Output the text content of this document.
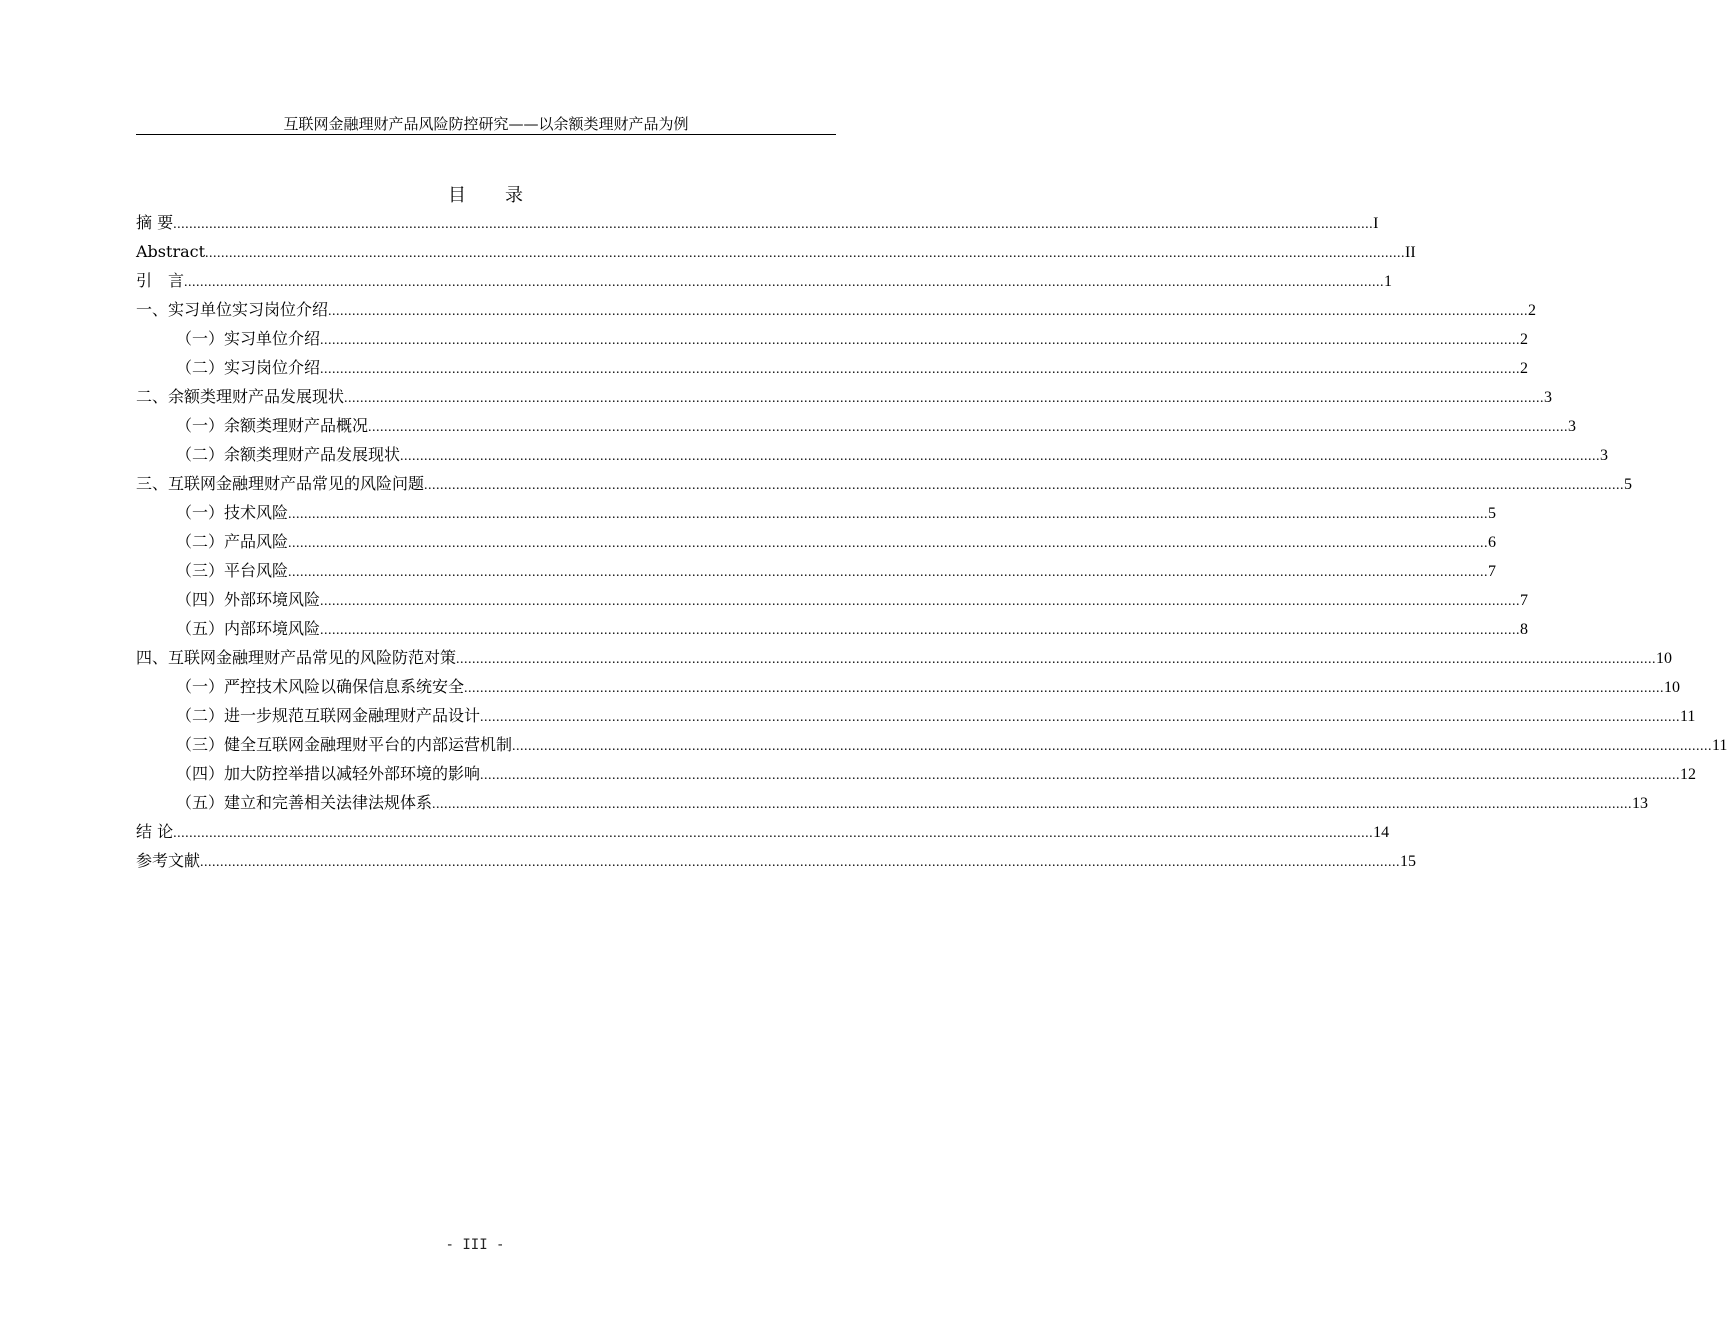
互联网金融理财产品风险防控研究——以余额类理财产品为例
目　　录
摘 要 ............................................................................................................................................................................................................................................................................................................ I
Abstract ............................................................................................................................................................................................................................................................................................................ II
引　言 ............................................................................................................................................................................................................................................................................................................ 1
一、实习单位实习岗位介绍 ............................................................................................................................................................................................................................................................................................................ 2
（一）实习单位介绍 ............................................................................................................................................................................................................................................................................................................ 2
（二）实习岗位介绍 ............................................................................................................................................................................................................................................................................................................ 2
二、余额类理财产品发展现状 ............................................................................................................................................................................................................................................................................................................ 3
（一）余额类理财产品概况 ............................................................................................................................................................................................................................................................................................................ 3
（二）余额类理财产品发展现状 ............................................................................................................................................................................................................................................................................................................ 3
三、互联网金融理财产品常见的风险问题 ............................................................................................................................................................................................................................................................................................................ 5
（一）技术风险 ............................................................................................................................................................................................................................................................................................................ 5
（二）产品风险 ............................................................................................................................................................................................................................................................................................................ 6
（三）平台风险 ............................................................................................................................................................................................................................................................................................................ 7
（四）外部环境风险 ............................................................................................................................................................................................................................................................................................................ 7
（五）内部环境风险 ............................................................................................................................................................................................................................................................................................................ 8
四、互联网金融理财产品常见的风险防范对策 ............................................................................................................................................................................................................................................................................................................ 10
（一）严控技术风险以确保信息系统安全 ............................................................................................................................................................................................................................................................................................................ 10
（二）进一步规范互联网金融理财产品设计 ............................................................................................................................................................................................................................................................................................................ 11
（三）健全互联网金融理财平台的内部运营机制 ............................................................................................................................................................................................................................................................................................................ 11
（四）加大防控举措以减轻外部环境的影响 ............................................................................................................................................................................................................................................................................................................ 12
（五）建立和完善相关法律法规体系 ............................................................................................................................................................................................................................................................................................................ 13
结 论 ............................................................................................................................................................................................................................................................................................................ 14
参考文献 ............................................................................................................................................................................................................................................................................................................ 15
- III -
